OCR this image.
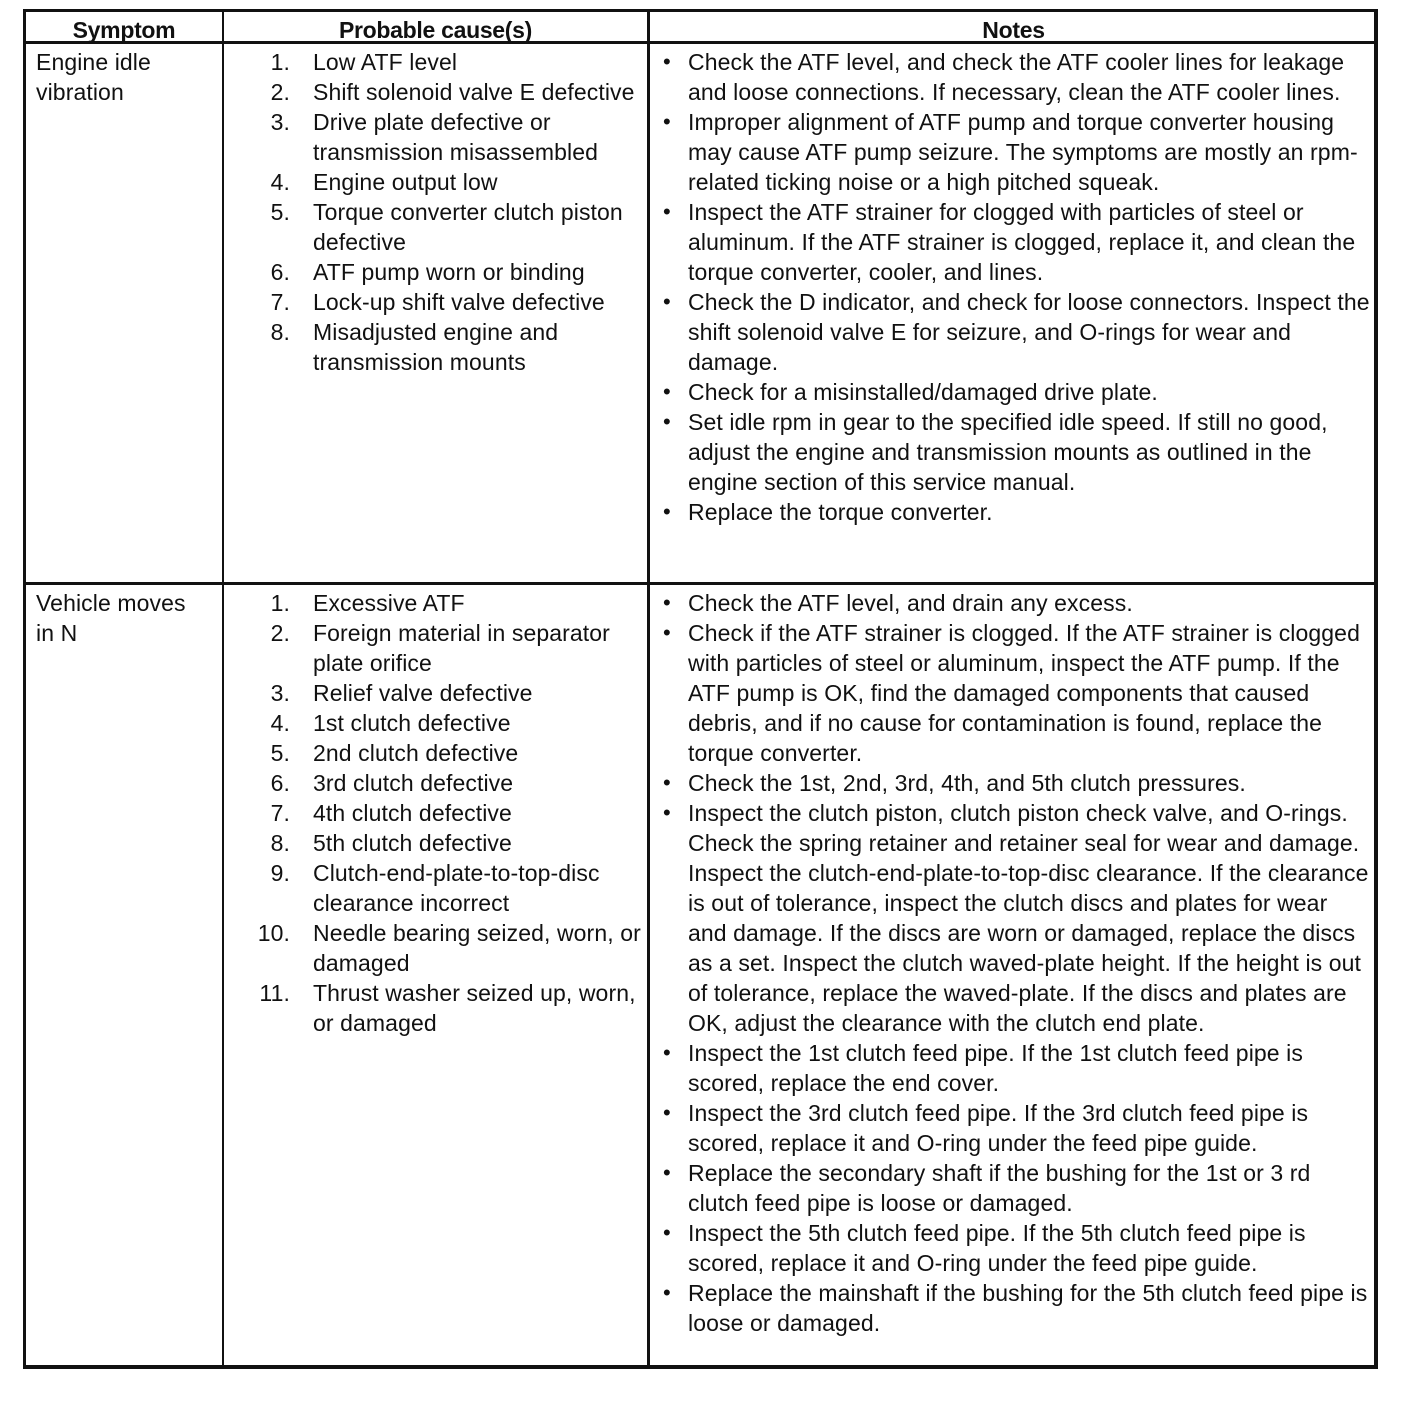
Symptom	Probable cause(s)	Notes
Engine idle
vibration
1. Low ATF level
2. Shift solenoid valve E defective
3. Drive plate defective or transmission misassembled
4. Engine output low
5. Torque converter clutch piston defective
6. ATF pump worn or binding
7. Lock-up shift valve defective
8. Misadjusted engine and transmission mounts
• Check the ATF level, and check the ATF cooler lines for leakage and loose connections. If necessary, clean the ATF cooler lines.
• Improper alignment of ATF pump and torque converter housing may cause ATF pump seizure. The symptoms are mostly an rpm-related ticking noise or a high pitched squeak.
• Inspect the ATF strainer for clogged with particles of steel or aluminum. If the ATF strainer is clogged, replace it, and clean the torque converter, cooler, and lines.
• Check the D indicator, and check for loose connectors. Inspect the shift solenoid valve E for seizure, and O-rings for wear and damage.
• Check for a misinstalled/damaged drive plate.
• Set idle rpm in gear to the specified idle speed. If still no good, adjust the engine and transmission mounts as outlined in the engine section of this service manual.
• Replace the torque converter.
Vehicle moves
in N
1. Excessive ATF
2. Foreign material in separator plate orifice
3. Relief valve defective
4. 1st clutch defective
5. 2nd clutch defective
6. 3rd clutch defective
7. 4th clutch defective
8. 5th clutch defective
9. Clutch-end-plate-to-top-disc clearance incorrect
10. Needle bearing seized, worn, or damaged
11. Thrust washer seized up, worn, or damaged
• Check the ATF level, and drain any excess.
• Check if the ATF strainer is clogged. If the ATF strainer is clogged with particles of steel or aluminum, inspect the ATF pump. If the ATF pump is OK, find the damaged components that caused debris, and if no cause for contamination is found, replace the torque converter.
• Check the 1st, 2nd, 3rd, 4th, and 5th clutch pressures.
• Inspect the clutch piston, clutch piston check valve, and O-rings. Check the spring retainer and retainer seal for wear and damage. Inspect the clutch-end-plate-to-top-disc clearance. If the clearance is out of tolerance, inspect the clutch discs and plates for wear and damage. If the discs are worn or damaged, replace the discs as a set. Inspect the clutch waved-plate height. If the height is out of tolerance, replace the waved-plate. If the discs and plates are OK, adjust the clearance with the clutch end plate.
• Inspect the 1st clutch feed pipe. If the 1st clutch feed pipe is scored, replace the end cover.
• Inspect the 3rd clutch feed pipe. If the 3rd clutch feed pipe is scored, replace it and O-ring under the feed pipe guide.
• Replace the secondary shaft if the bushing for the 1st or 3 rd clutch feed pipe is loose or damaged.
• Inspect the 5th clutch feed pipe. If the 5th clutch feed pipe is scored, replace it and O-ring under the feed pipe guide.
• Replace the mainshaft if the bushing for the 5th clutch feed pipe is loose or damaged.
